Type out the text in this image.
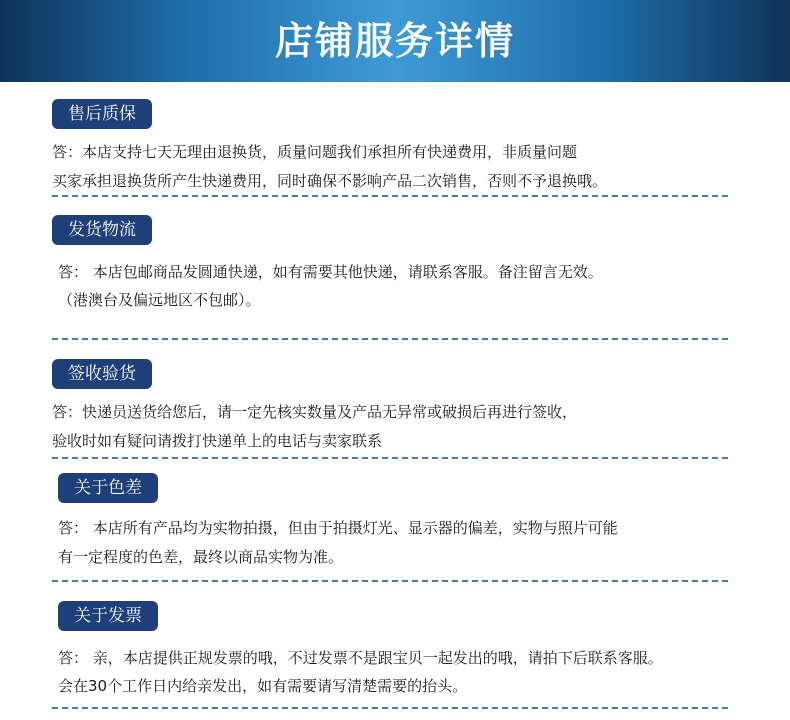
店铺服务详情
售后质保
答：本店支持七天无理由退换货，质量问题我们承担所有快递费用，非质量问题
买家承担退换货所产生快递费用，同时确保不影响产品二次销售，否则不予退换哦。
发货物流
答： 本店包邮商品发圆通快递，如有需要其他快递，请联系客服。备注留言无效。
（港澳台及偏远地区不包邮）。
签收验货
答：快递员送货给您后，请一定先核实数量及产品无异常或破损后再进行签收，
验收时如有疑问请拨打快递单上的电话与卖家联系
关于色差
答： 本店所有产品均为实物拍摄，但由于拍摄灯光、显示器的偏差，实物与照片可能
有一定程度的色差，最终以商品实物为准。
关于发票
答： 亲，本店提供正规发票的哦，不过发票不是跟宝贝一起发出的哦，请拍下后联系客服。
会在30个工作日内给亲发出，如有需要请写清楚需要的抬头。
